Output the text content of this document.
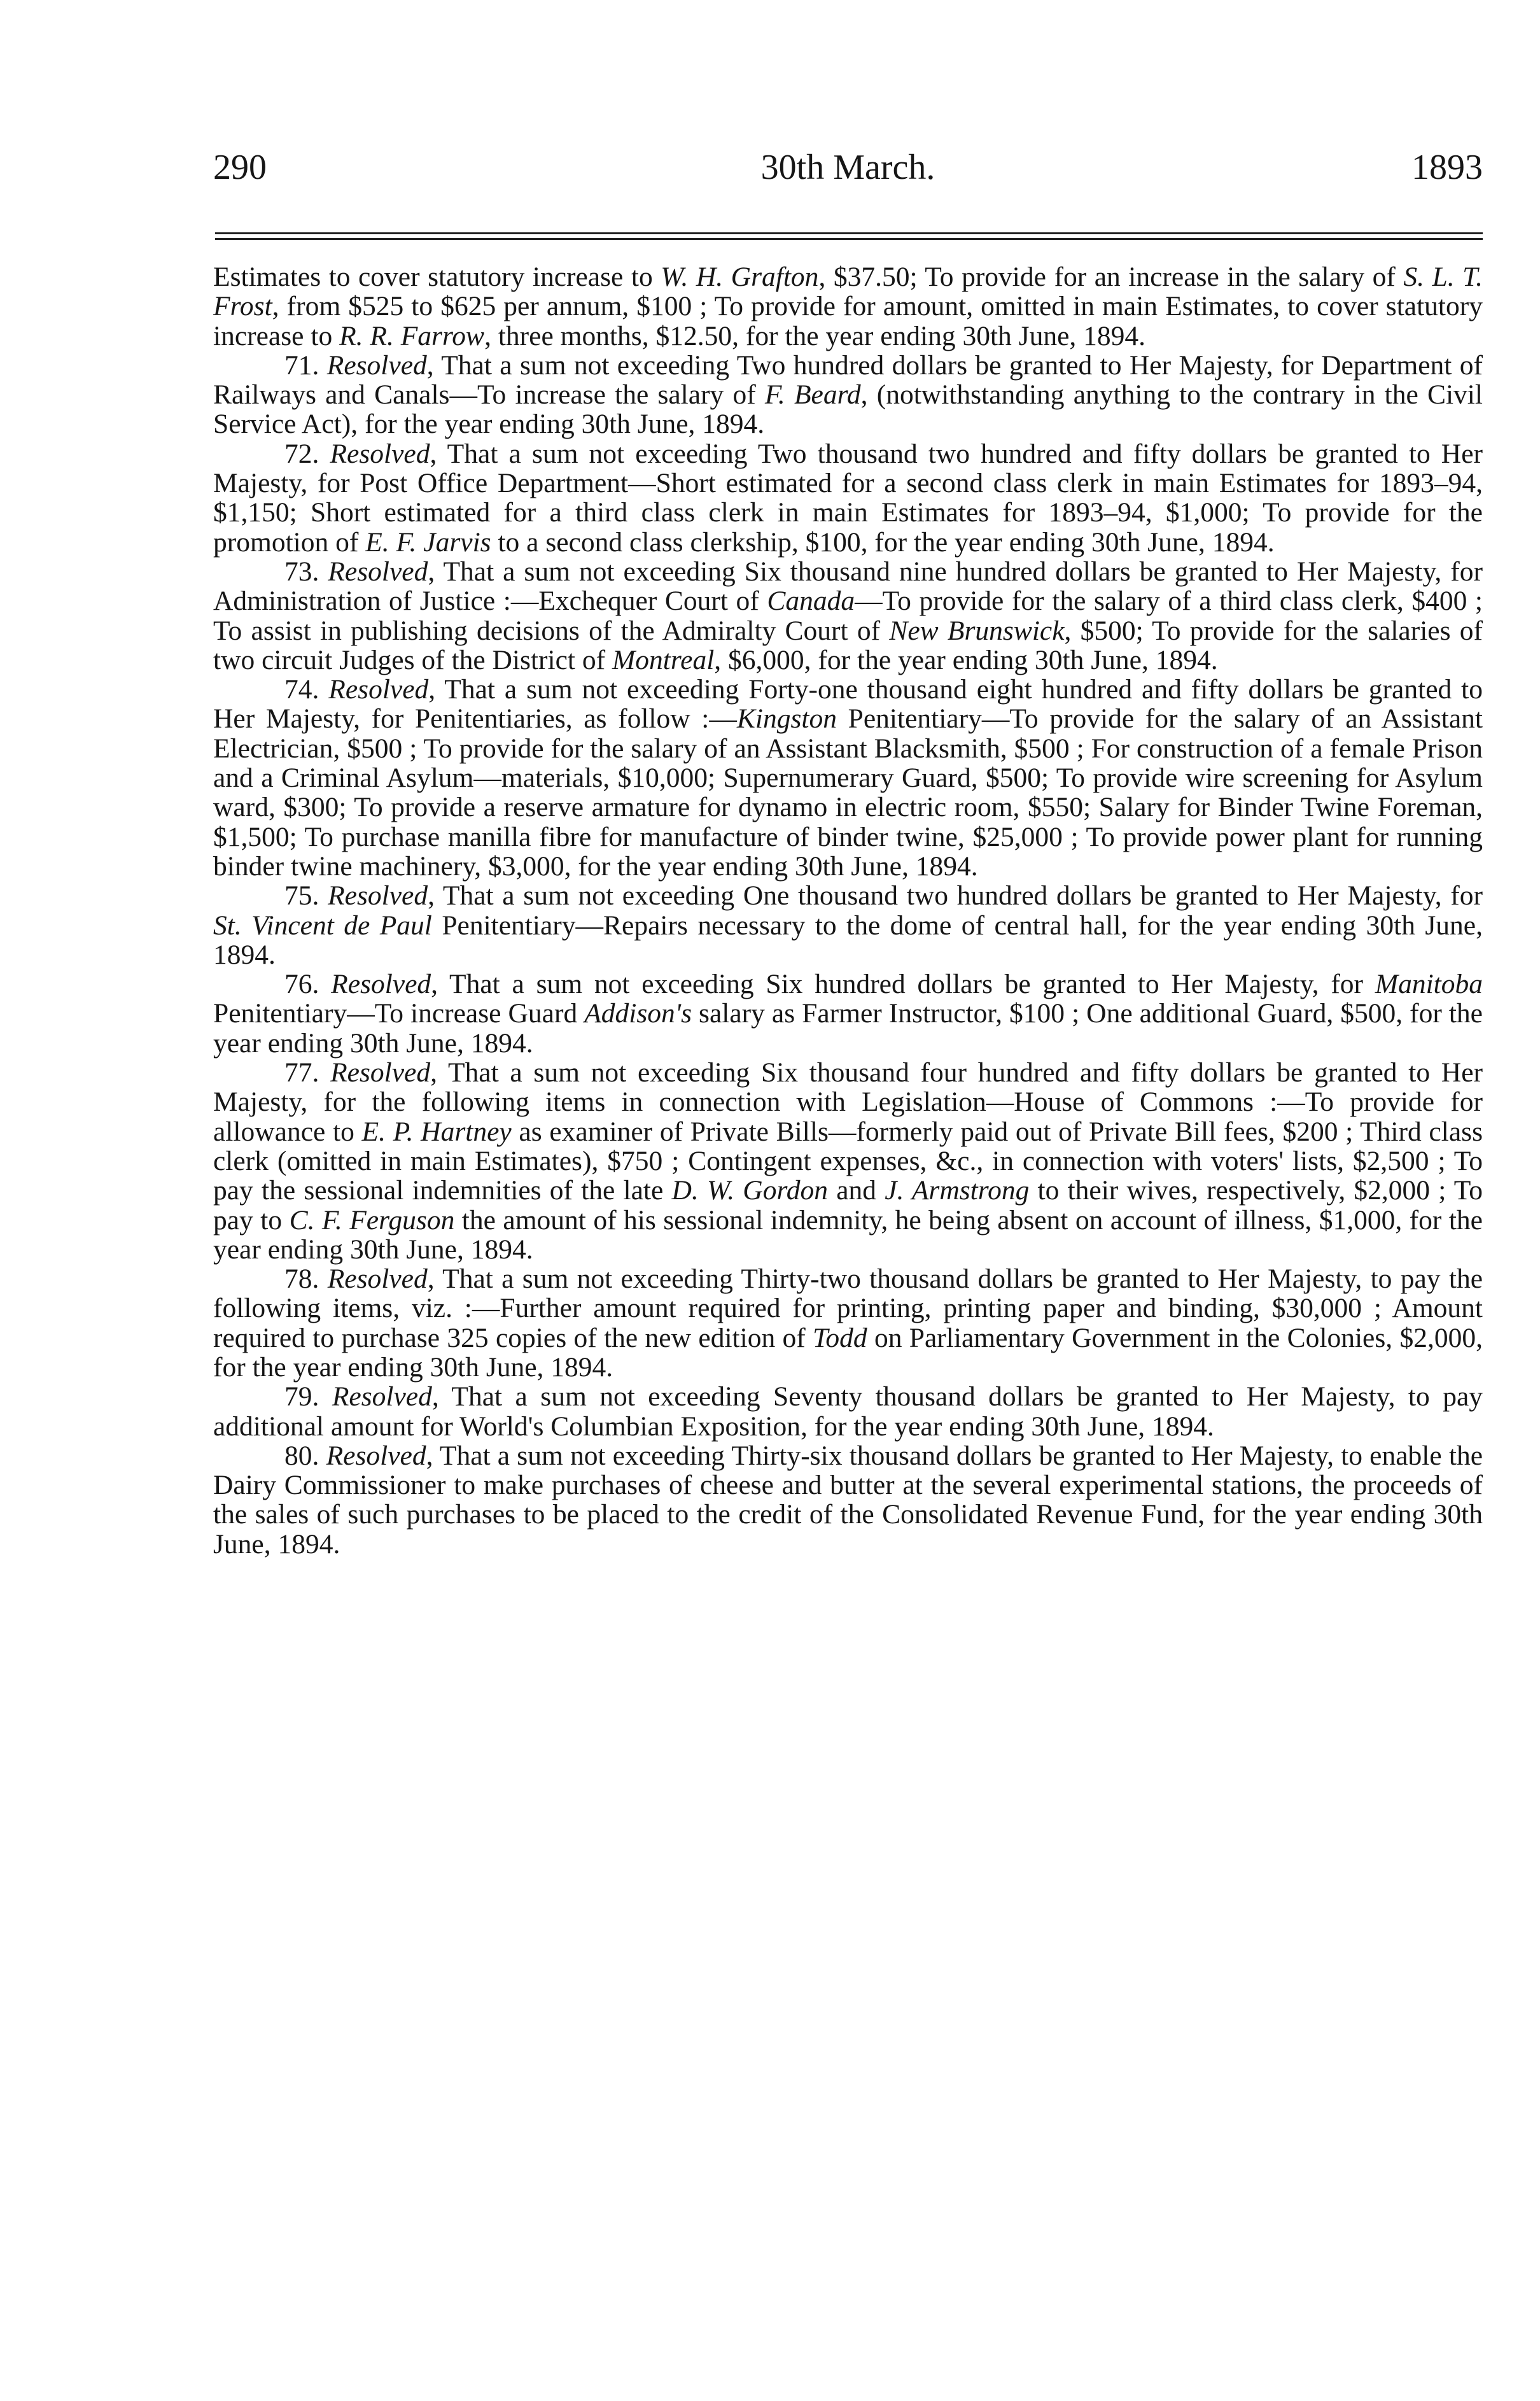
290	30th March.	1893

Estimates to cover statutory increase to W. H. Grafton, $37.50; To provide for an increase in the salary of S. L. T. Frost, from $525 to $625 per annum, $100 ; To provide for amount, omitted in main Estimates, to cover statutory increase to R. R. Farrow, three months, $12.50, for the year ending 30th June, 1894.

71. Resolved, That a sum not exceeding Two hundred dollars be granted to Her Majesty, for Department of Railways and Canals—To increase the salary of F. Beard, (notwithstanding anything to the contrary in the Civil Service Act), for the year ending 30th June, 1894.

72. Resolved, That a sum not exceeding Two thousand two hundred and fifty dollars be granted to Her Majesty, for Post Office Department—Short estimated for a second class clerk in main Estimates for 1893–94, $1,150; Short estimated for a third class clerk in main Estimates for 1893–94, $1,000; To provide for the promotion of E. F. Jarvis to a second class clerkship, $100, for the year ending 30th June, 1894.

73. Resolved, That a sum not exceeding Six thousand nine hundred dollars be granted to Her Majesty, for Administration of Justice :—Exchequer Court of Canada—To provide for the salary of a third class clerk, $400 ; To assist in publishing decisions of the Admiralty Court of New Brunswick, $500; To provide for the salaries of two circuit Judges of the District of Montreal, $6,000, for the year ending 30th June, 1894.

74. Resolved, That a sum not exceeding Forty-one thousand eight hundred and fifty dollars be granted to Her Majesty, for Penitentiaries, as follow :—Kingston Penitentiary—To provide for the salary of an Assistant Electrician, $500 ; To provide for the salary of an Assistant Blacksmith, $500 ; For construction of a female Prison and a Criminal Asylum—materials, $10,000; Supernumerary Guard, $500; To provide wire screening for Asylum ward, $300; To provide a reserve armature for dynamo in electric room, $550; Salary for Binder Twine Foreman, $1,500; To purchase manilla fibre for manufacture of binder twine, $25,000 ; To provide power plant for running binder twine machinery, $3,000, for the year ending 30th June, 1894.

75. Resolved, That a sum not exceeding One thousand two hundred dollars be granted to Her Majesty, for St. Vincent de Paul Penitentiary—Repairs necessary to the dome of central hall, for the year ending 30th June, 1894.

76. Resolved, That a sum not exceeding Six hundred dollars be granted to Her Majesty, for Manitoba Penitentiary—To increase Guard Addison's salary as Farmer Instructor, $100 ; One additional Guard, $500, for the year ending 30th June, 1894.

77. Resolved, That a sum not exceeding Six thousand four hundred and fifty dollars be granted to Her Majesty, for the following items in connection with Legislation—House of Commons :—To provide for allowance to E. P. Hartney as examiner of Private Bills—formerly paid out of Private Bill fees, $200 ; Third class clerk (omitted in main Estimates), $750 ; Contingent expenses, &c., in connection with voters' lists, $2,500 ; To pay the sessional indemnities of the late D. W. Gordon and J. Armstrong to their wives, respectively, $2,000 ; To pay to C. F. Ferguson the amount of his sessional indemnity, he being absent on account of illness, $1,000, for the year ending 30th June, 1894.

78. Resolved, That a sum not exceeding Thirty-two thousand dollars be granted to Her Majesty, to pay the following items, viz. :—Further amount required for printing, printing paper and binding, $30,000 ; Amount required to purchase 325 copies of the new edition of Todd on Parliamentary Government in the Colonies, $2,000, for the year ending 30th June, 1894.

79. Resolved, That a sum not exceeding Seventy thousand dollars be granted to Her Majesty, to pay additional amount for World's Columbian Exposition, for the year ending 30th June, 1894.

80. Resolved, That a sum not exceeding Thirty-six thousand dollars be granted to Her Majesty, to enable the Dairy Commissioner to make purchases of cheese and butter at the several experimental stations, the proceeds of the sales of such purchases to be placed to the credit of the Consolidated Revenue Fund, for the year ending 30th June, 1894.
